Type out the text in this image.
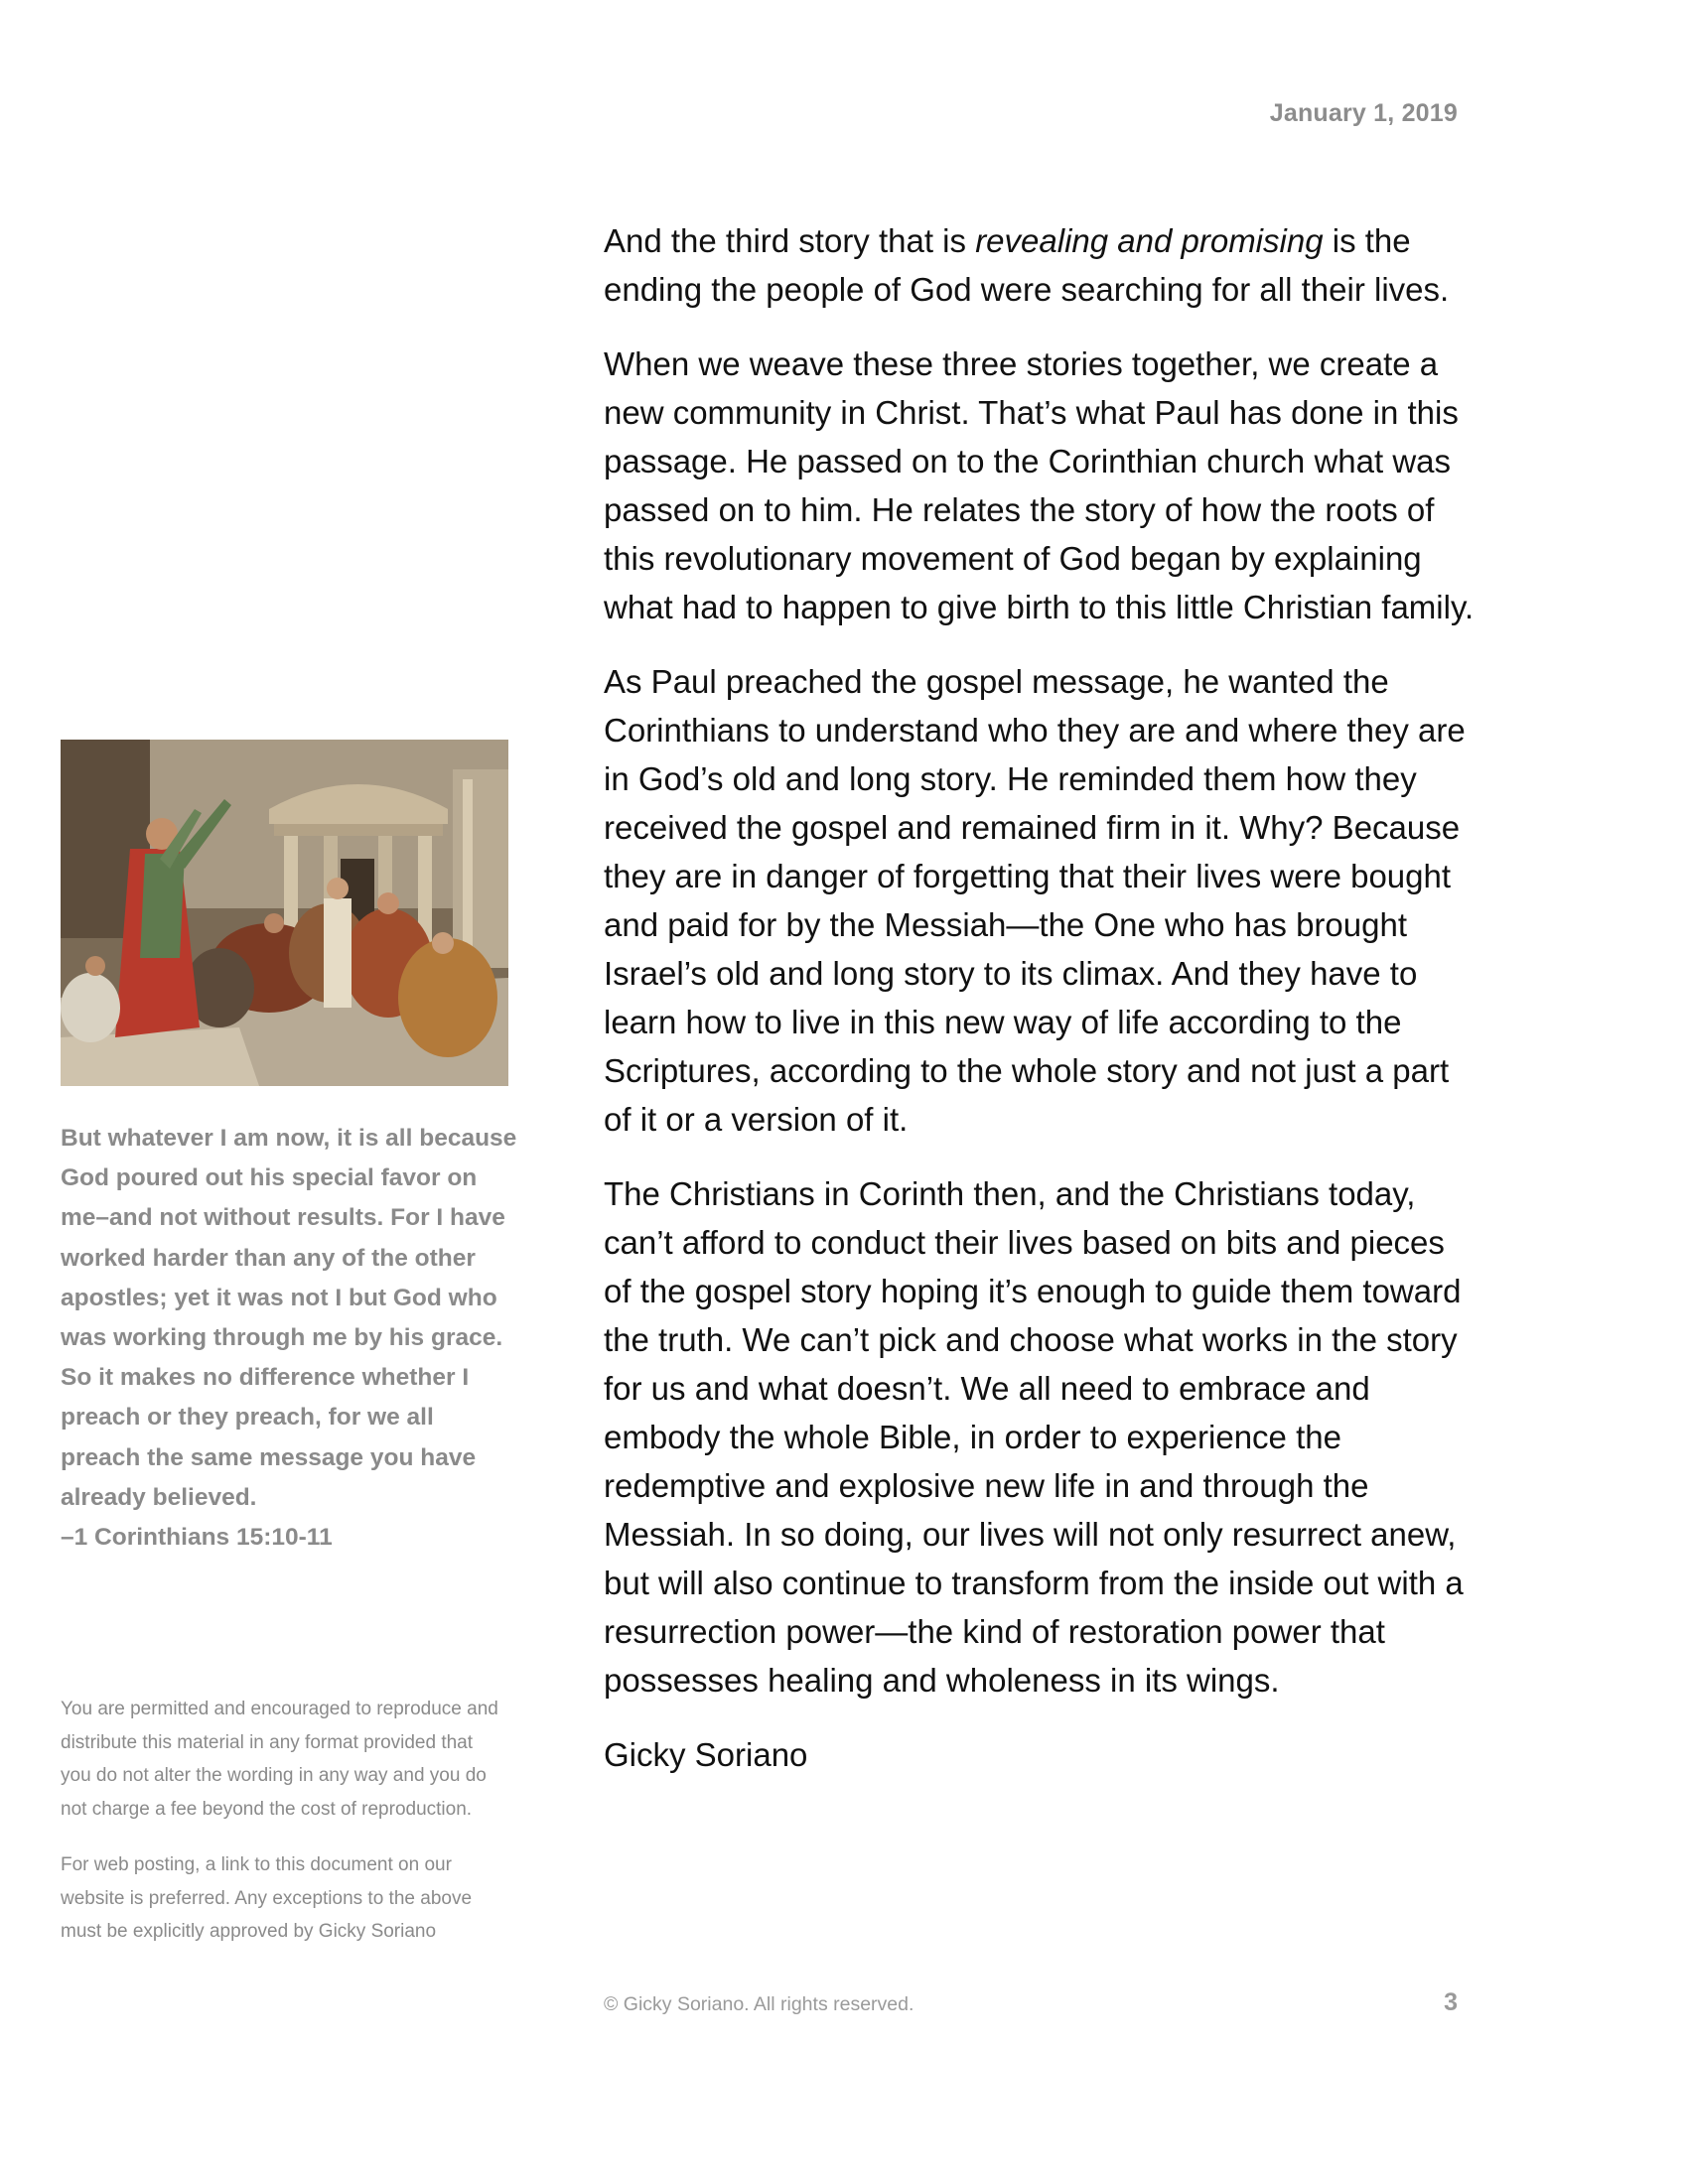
January 1, 2019

And the third story that is revealing and promising is the ending the people of God were searching for all their lives.

When we weave these three stories together, we create a new community in Christ. That’s what Paul has done in this passage. He passed on to the Corinthian church what was passed on to him. He relates the story of how the roots of this revolutionary movement of God began by explaining what had to happen to give birth to this little Christian family.

As Paul preached the gospel message, he wanted the Corinthians to understand who they are and where they are in God’s old and long story. He reminded them how they received the gospel and remained firm in it. Why? Because they are in danger of forgetting that their lives were bought and paid for by the Messiah—the One who has brought Israel’s old and long story to its climax. And they have to learn how to live in this new way of life according to the Scriptures, according to the whole story and not just a part of it or a version of it.

The Christians in Corinth then, and the Christians today, can’t afford to conduct their lives based on bits and pieces of the gospel story hoping it’s enough to guide them toward the truth. We can’t pick and choose what works in the story for us and what doesn’t. We all need to embrace and embody the whole Bible, in order to experience the redemptive and explosive new life in and through the Messiah. In so doing, our lives will not only resurrect anew, but will also continue to transform from the inside out with a resurrection power—the kind of restoration power that possesses healing and wholeness in its wings.

Gicky Soriano

But whatever I am now, it is all because God poured out his special favor on me–and not without results. For I have worked harder than any of the other apostles; yet it was not I but God who was working through me by his grace. So it makes no difference whether I preach or they preach, for we all preach the same message you have already believed.
–1 Corinthians 15:10-11

You are permitted and encouraged to reproduce and distribute this material in any format provided that you do not alter the wording in any way and you do not charge a fee beyond the cost of reproduction.

For web posting, a link to this document on our website is preferred. Any exceptions to the above must be explicitly approved by Gicky Soriano

© Gicky Soriano. All rights reserved.	3
